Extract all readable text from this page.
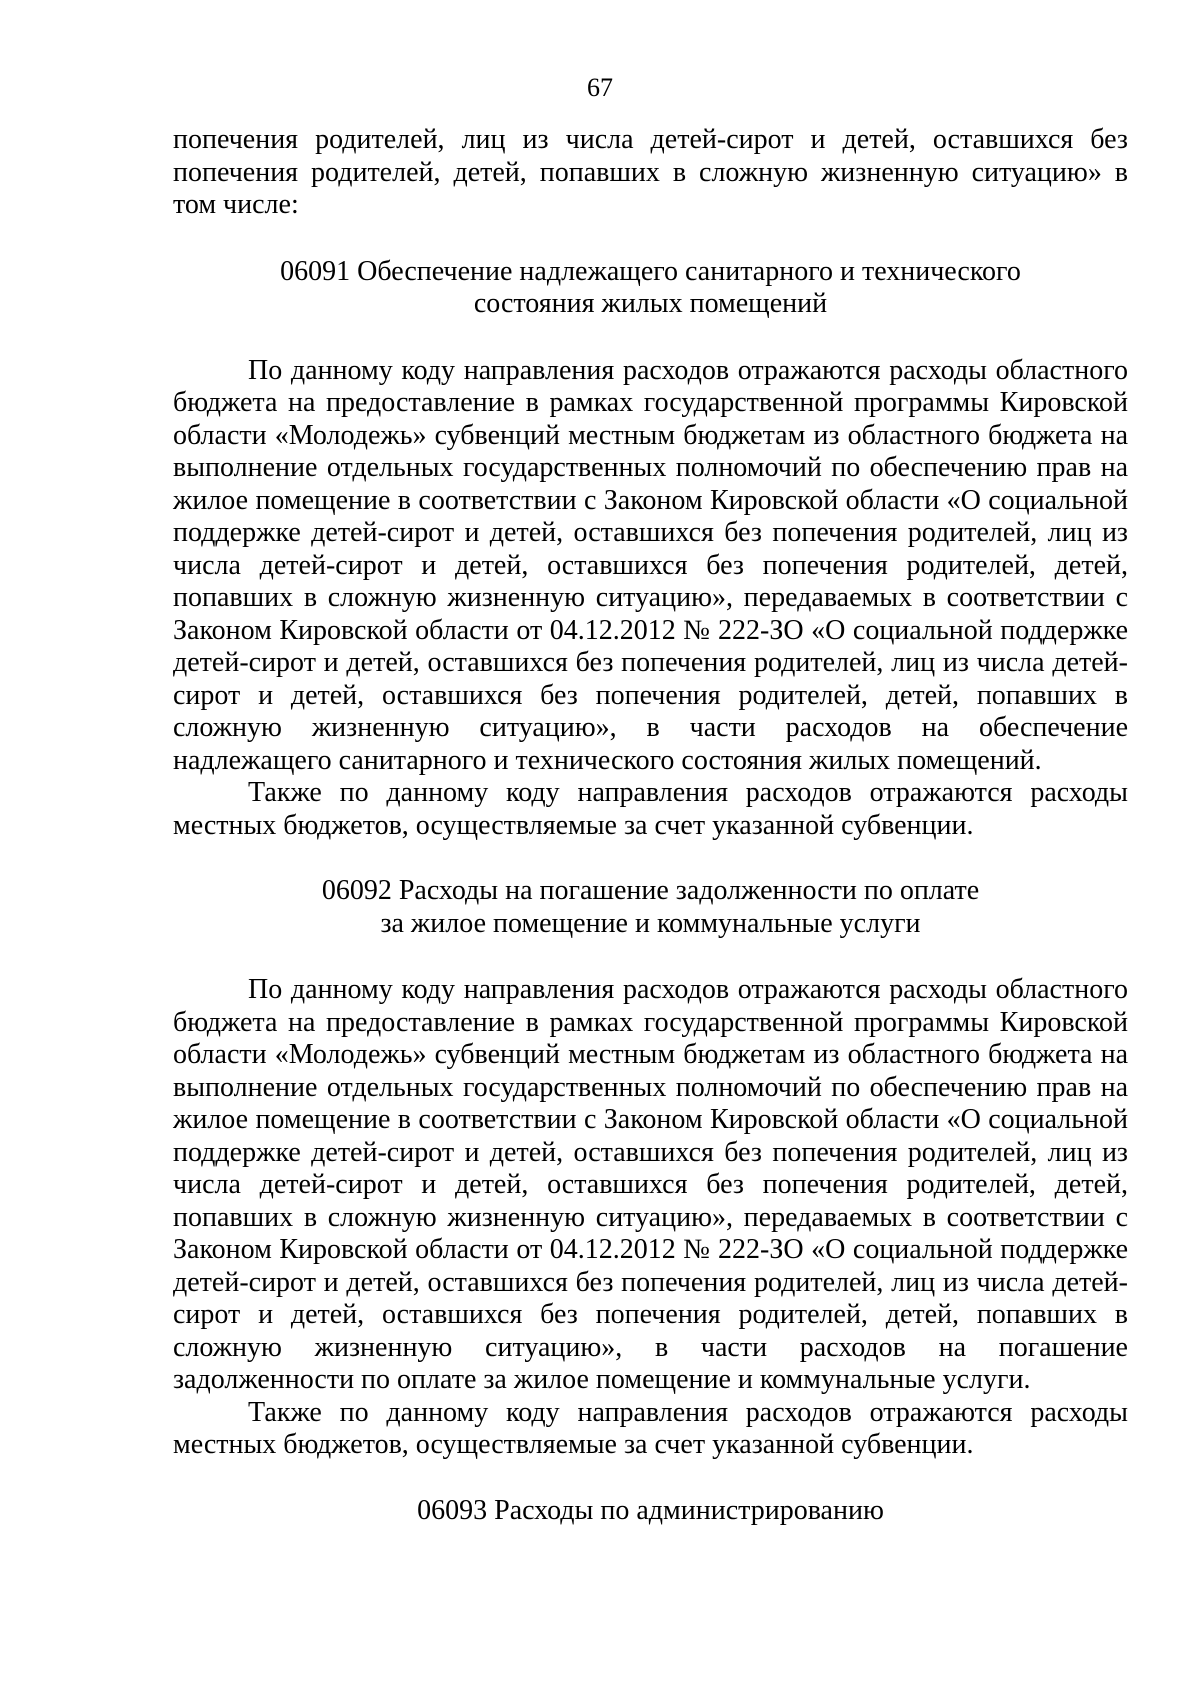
67

попечения родителей, лиц из числа детей-сирот и детей, оставшихся без попечения родителей, детей, попавших в сложную жизненную ситуацию» в том числе:

06091 Обеспечение надлежащего санитарного и технического
состояния жилых помещений

По данному коду направления расходов отражаются расходы областного бюджета на предоставление в рамках государственной программы Кировской области «Молодежь» субвенций местным бюджетам из областного бюджета на выполнение отдельных государственных полномочий по обеспечению прав на жилое помещение в соответствии с Законом Кировской области «О социальной поддержке детей-сирот и детей, оставшихся без попечения родителей, лиц из числа детей-сирот и детей, оставшихся без попечения родителей, детей, попавших в сложную жизненную ситуацию», передаваемых в соответствии с Законом Кировской области от 04.12.2012 № 222-ЗО «О социальной поддержке детей-сирот и детей, оставшихся без попечения родителей, лиц из числа детей-сирот и детей, оставшихся без попечения родителей, детей, попавших в сложную жизненную ситуацию», в части расходов на обеспечение надлежащего санитарного и технического состояния жилых помещений.

Также по данному коду направления расходов отражаются расходы местных бюджетов, осуществляемые за счет указанной субвенции.

06092 Расходы на погашение задолженности по оплате
за жилое помещение и коммунальные услуги

По данному коду направления расходов отражаются расходы областного бюджета на предоставление в рамках государственной программы Кировской области «Молодежь» субвенций местным бюджетам из областного бюджета на выполнение отдельных государственных полномочий по обеспечению прав на жилое помещение в соответствии с Законом Кировской области «О социальной поддержке детей-сирот и детей, оставшихся без попечения родителей, лиц из числа детей-сирот и детей, оставшихся без попечения родителей, детей, попавших в сложную жизненную ситуацию», передаваемых в соответствии с Законом Кировской области от 04.12.2012 № 222-ЗО «О социальной поддержке детей-сирот и детей, оставшихся без попечения родителей, лиц из числа детей-сирот и детей, оставшихся без попечения родителей, детей, попавших в сложную жизненную ситуацию», в части расходов на погашение задолженности по оплате за жилое помещение и коммунальные услуги.

Также по данному коду направления расходов отражаются расходы местных бюджетов, осуществляемые за счет указанной субвенции.

06093 Расходы по администрированию
